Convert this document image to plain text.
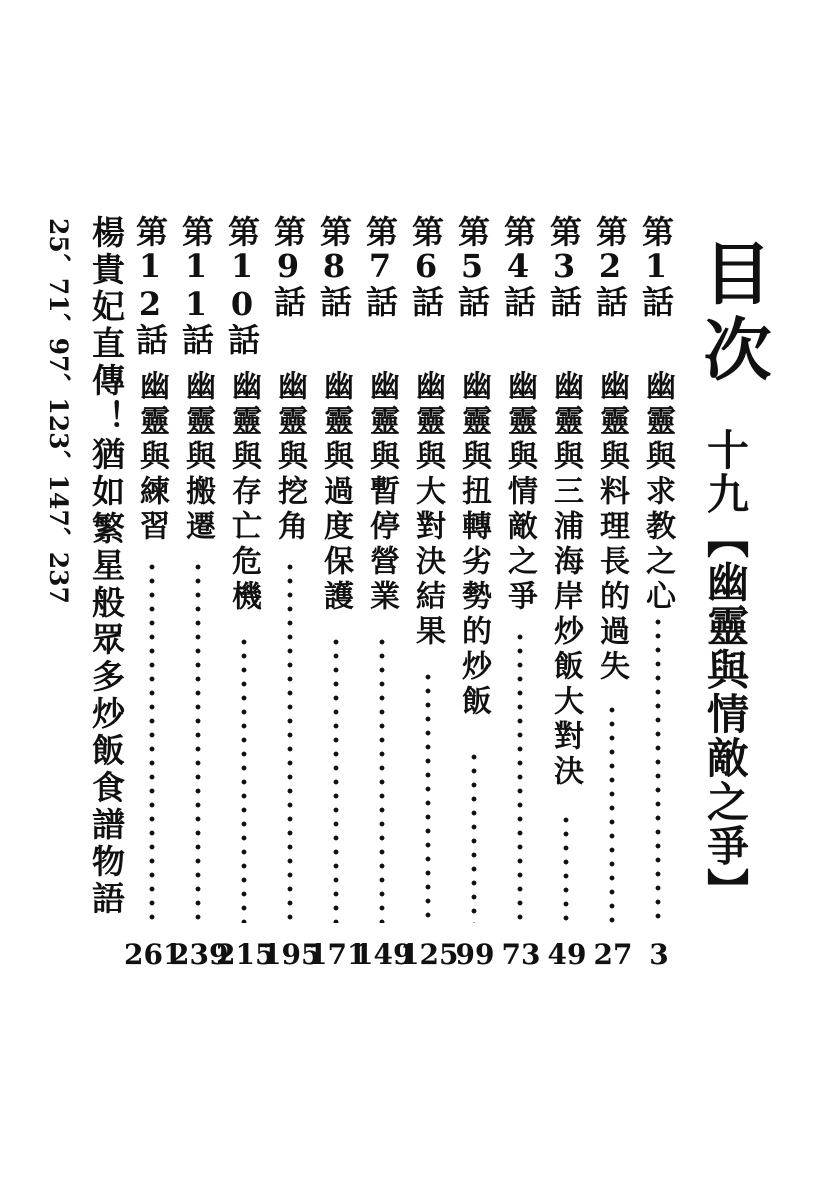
目次
十九【幽靈與情敵之爭】
第1話
幽靈與求教之心
3
第2話
幽靈與料理長的過失
27
第3話
幽靈與三浦海岸炒飯大對決
49
第4話
幽靈與情敵之爭
73
第5話
幽靈與扭轉劣勢的炒飯
99
第6話
幽靈與大對決結果
125
第7話
幽靈與暫停營業
149
第8話
幽靈與過度保護
171
第9話
幽靈與挖角
195
第10話
幽靈與存亡危機
215
第11話
幽靈與搬遷
239
第12話
幽靈與練習
261
楊貴妃直傳！猶如繁星般眾多炒飯食譜物語
25、71、97、123、147、237
